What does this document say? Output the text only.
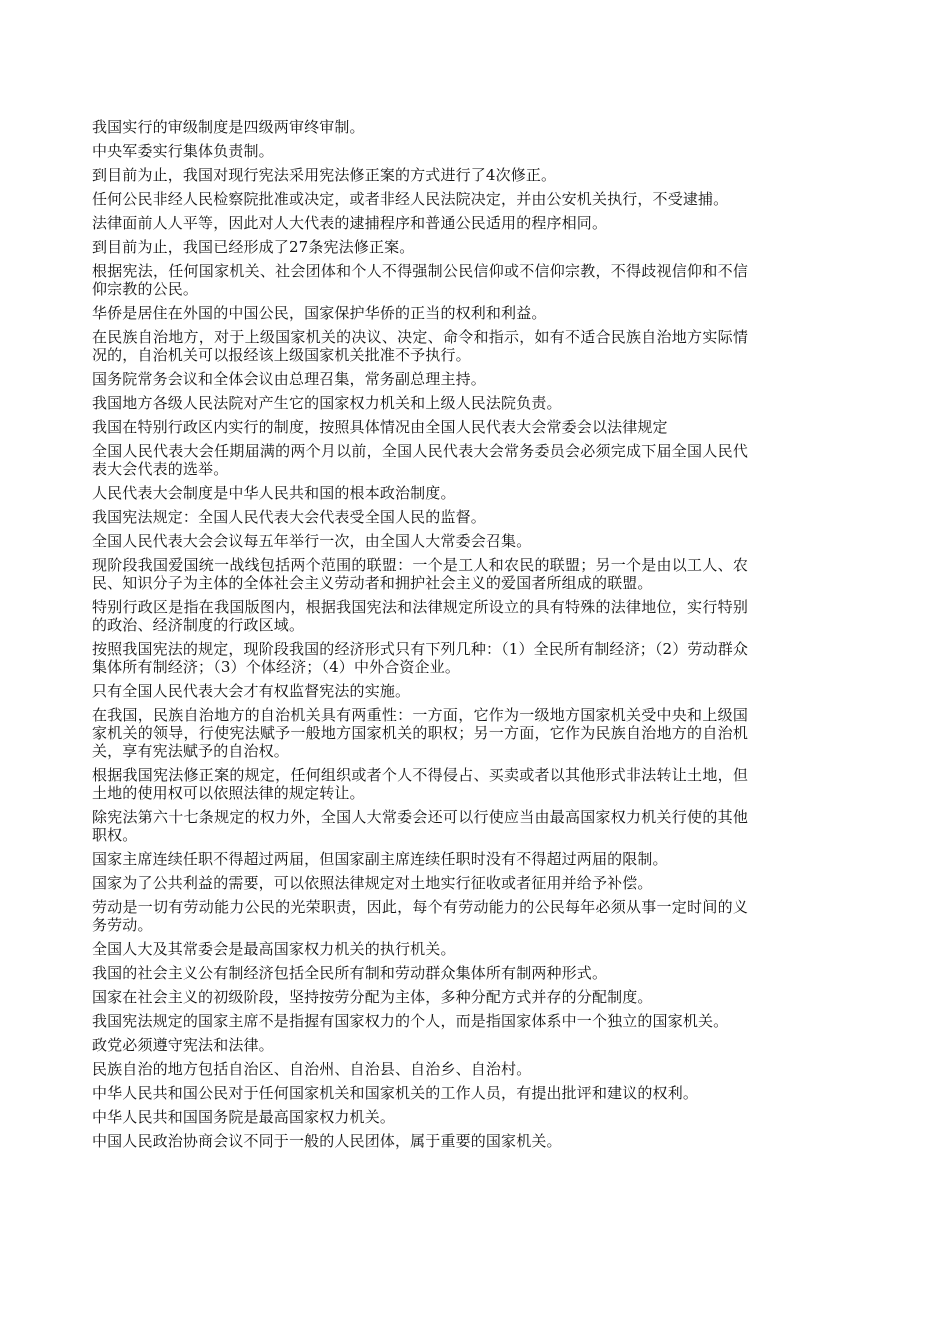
我国实行的审级制度是四级两审终审制。

中央军委实行集体负责制。

到目前为止，我国对现行宪法采用宪法修正案的方式进行了4次修正。

任何公民非经人民检察院批准或决定，或者非经人民法院决定，并由公安机关执行，不受逮捕。

法律面前人人平等，因此对人大代表的逮捕程序和普通公民适用的程序相同。

到目前为止，我国已经形成了27条宪法修正案。

根据宪法，任何国家机关、社会团体和个人不得强制公民信仰或不信仰宗教，不得歧视信仰和不信仰宗教的公民。

华侨是居住在外国的中国公民，国家保护华侨的正当的权利和利益。

在民族自治地方，对于上级国家机关的决议、决定、命令和指示，如有不适合民族自治地方实际情况的，自治机关可以报经该上级国家机关批准不予执行。

国务院常务会议和全体会议由总理召集，常务副总理主持。

我国地方各级人民法院对产生它的国家权力机关和上级人民法院负责。

我国在特别行政区内实行的制度，按照具体情况由全国人民代表大会常委会以法律规定

全国人民代表大会任期届满的两个月以前，全国人民代表大会常务委员会必须完成下届全国人民代表大会代表的选举。

人民代表大会制度是中华人民共和国的根本政治制度。

我国宪法规定：全国人民代表大会代表受全国人民的监督。

全国人民代表大会会议每五年举行一次，由全国人大常委会召集。

现阶段我国爱国统一战线包括两个范围的联盟：一个是工人和农民的联盟；另一个是由以工人、农民、知识分子为主体的全体社会主义劳动者和拥护社会主义的爱国者所组成的联盟。

特别行政区是指在我国版图内，根据我国宪法和法律规定所设立的具有特殊的法律地位，实行特别的政治、经济制度的行政区域。

按照我国宪法的规定，现阶段我国的经济形式只有下列几种：（1）全民所有制经济；（2）劳动群众集体所有制经济；（3）个体经济；（4）中外合资企业。

只有全国人民代表大会才有权监督宪法的实施。

在我国，民族自治地方的自治机关具有两重性：一方面，它作为一级地方国家机关受中央和上级国家机关的领导，行使宪法赋予一般地方国家机关的职权；另一方面，它作为民族自治地方的自治机关，享有宪法赋予的自治权。

根据我国宪法修正案的规定，任何组织或者个人不得侵占、买卖或者以其他形式非法转让土地，但土地的使用权可以依照法律的规定转让。

除宪法第六十七条规定的权力外，全国人大常委会还可以行使应当由最高国家权力机关行使的其他职权。

国家主席连续任职不得超过两届，但国家副主席连续任职时没有不得超过两届的限制。

国家为了公共利益的需要，可以依照法律规定对土地实行征收或者征用并给予补偿。

劳动是一切有劳动能力公民的光荣职责，因此，每个有劳动能力的公民每年必须从事一定时间的义务劳动。

全国人大及其常委会是最高国家权力机关的执行机关。

我国的社会主义公有制经济包括全民所有制和劳动群众集体所有制两种形式。

国家在社会主义的初级阶段，坚持按劳分配为主体，多种分配方式并存的分配制度。

我国宪法规定的国家主席不是指握有国家权力的个人，而是指国家体系中一个独立的国家机关。

政党必须遵守宪法和法律。

民族自治的地方包括自治区、自治州、自治县、自治乡、自治村。

中华人民共和国公民对于任何国家机关和国家机关的工作人员，有提出批评和建议的权利。

中华人民共和国国务院是最高国家权力机关。

中国人民政治协商会议不同于一般的人民团体，属于重要的国家机关。
